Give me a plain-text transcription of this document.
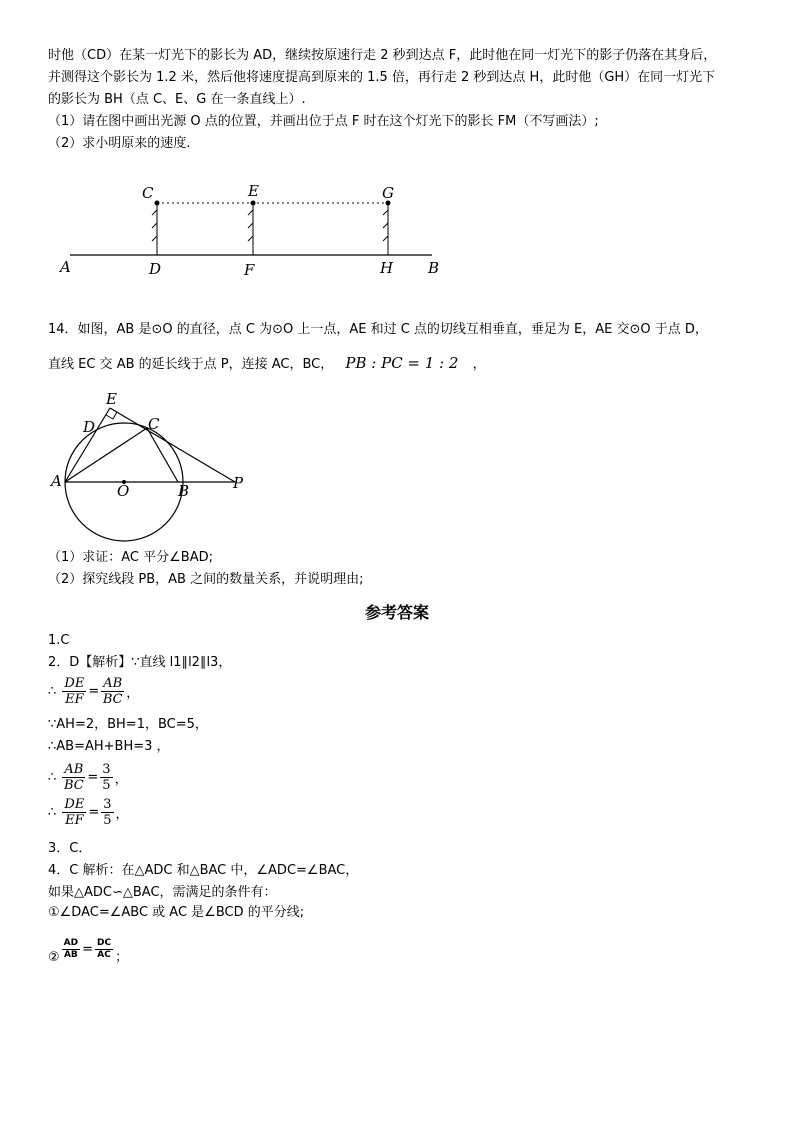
时他（CD）在某一灯光下的影长为 AD，继续按原速行走 2 秒到达点 F，此时他在同一灯光下的影子仍落在其身后，
并测得这个影长为 1.2 米，然后他将速度提高到原来的 1.5 倍，再行走 2 秒到达点 H，此时他（GH）在同一灯光下
的影长为 BH（点 C、E、G 在一条直线上）.
（1）请在图中画出光源 O 点的位置，并画出位于点 F 时在这个灯光下的影长 FM（不写画法）;
（2）求小明原来的速度.
C	E	G
A	D	F	H B
14．如图，AB 是⊙O 的直径，点 C 为⊙O 上一点，AE 和过 C 点的切线互相垂直，垂足为 E，AE 交⊙O 于点 D，
直线 EC 交 AB 的延长线于点 P，连接 AC，BC， PB : PC = 1 : 2 ，
E
D	C
A
O	B	P
（1）求证：AC 平分∠BAD;
（2）探究线段 PB，AB 之间的数量关系，并说明理由;
参考答案
1.C
2．D【解析】∵直线 l1∥l2∥l3，
∴ $\frac{DE}{EF} = \frac{AB}{BC}$ ，
∵AH=2，BH=1，BC=5，
∴AB=AH+BH=3 ，
∴ $\frac{AB}{BC} = \frac{3}{5}$ ，
∴ $\frac{DE}{EF} = \frac{3}{5}$ ，
3．C．
4．C 解析：在△ADC 和△BAC 中，∠ADC=∠BAC，
如果△ADC∽△BAC，需满足的条件有：
①∠DAC=∠ABC 或 AC 是∠BCD 的平分线;
② $\frac{AD}{AB} = \frac{DC}{AC}$ ；
